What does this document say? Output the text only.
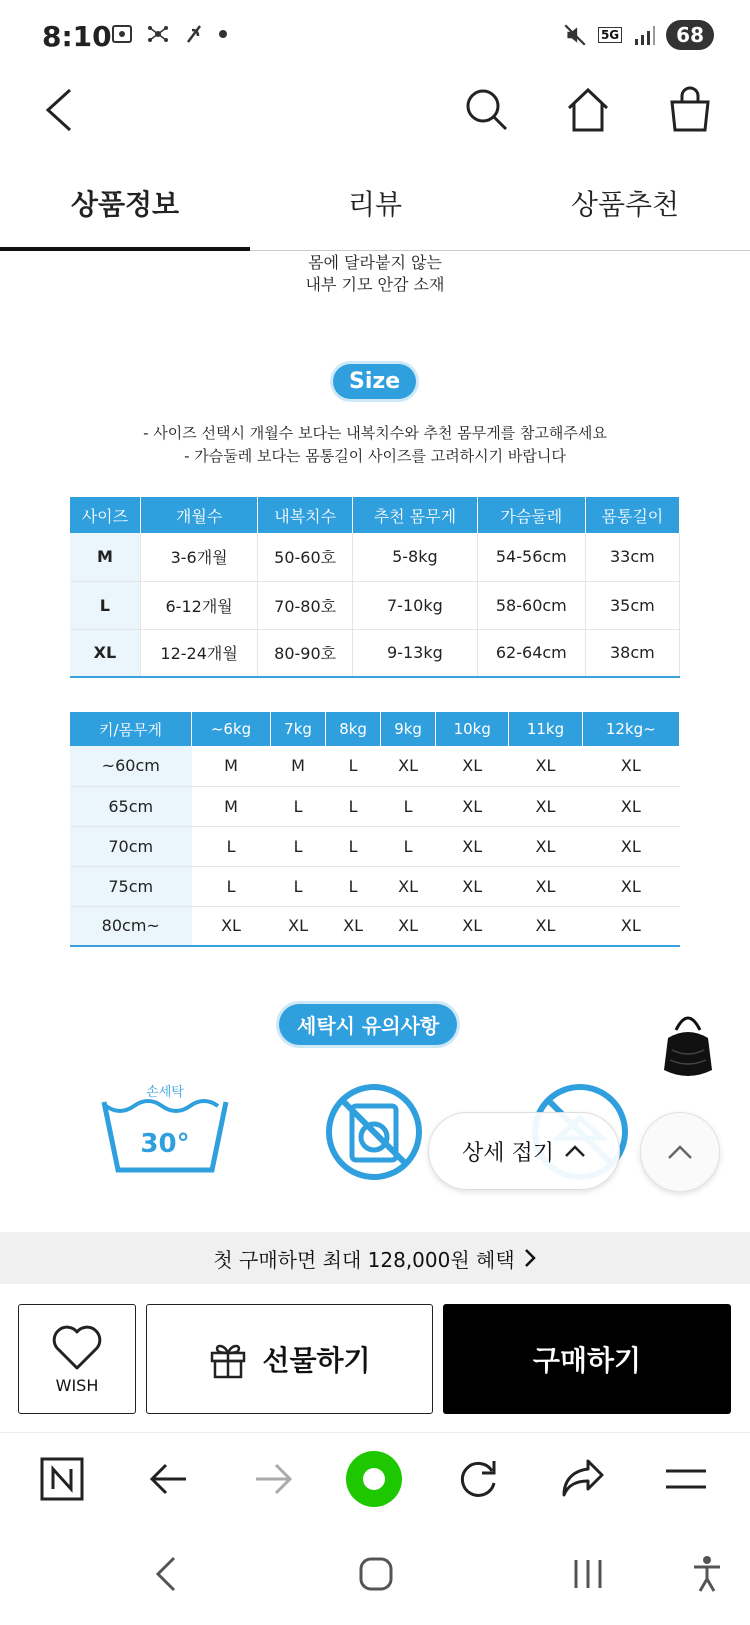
8:10	5G	68
상품정보	리뷰	상품추천
몸에 달라붙지 않는
내부 기모 안감 소재
Size
- 사이즈 선택시 개월수 보다는 내복치수와 추천 몸무게를 참고해주세요
- 가슴둘레 보다는 몸통길이 사이즈를 고려하시기 바랍니다
사이즈	개월수	내복치수	추천 몸무게	가슴둘레	몸통길이
M	3-6개월	50-60호	5-8kg	54-56cm	33cm
L	6-12개월	70-80호	7-10kg	58-60cm	35cm
XL	12-24개월	80-90호	9-13kg	62-64cm	38cm
키/몸무게	~6kg	7kg	8kg	9kg	10kg	11kg	12kg~
~60cm	M	M	L	XL	XL	XL	XL
65cm	M	L	L	L	XL	XL	XL
70cm	L	L	L	L	XL	XL	XL
75cm	L	L	L	XL	XL	XL	XL
80cm~	XL	XL	XL	XL	XL	XL	XL
세탁시 유의사항
손세탁
30°	상세 접기
첫 구매하면 최대 128,000원 혜택
WISH
선물하기	구매하기
